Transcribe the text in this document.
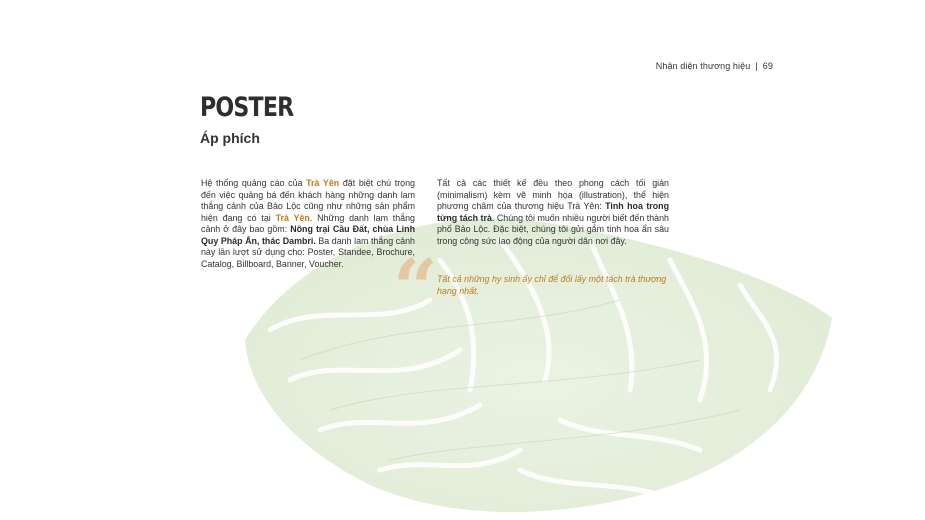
Nhận diện thương hiệu | 69
POSTER
Áp phích
Hệ thống quảng cáo của Trà Yên đặt biệt chú trọng đến việc quảng bá đến khách hàng những danh lam thắng cảnh của Bảo Lộc cũng như những sản phẩm hiện đang có tại Trà Yên. Những danh lam thắng cảnh ở đây bao gồm: Nông trại Cầu Đất, chùa Linh Quy Pháp Ấn, thác Dambri. Ba danh lam thắng cảnh này lần lượt sử dụng cho: Poster, Standee, Brochure, Catalog, Billboard, Banner, Voucher.
Tất cả các thiết kế đều theo phong cách tối giản (minimalism) kèm vẽ minh họa (illustration), thể hiện phương châm của thương hiệu Trà Yên: Tinh hoa trong từng tách trà. Chúng tôi muốn nhiều người biết đến thành phố Bảo Lộc. Đặc biệt, chúng tôi gửi gắm tinh hoa ẩn sâu trong công sức lao động của người dân nơi đây.
“ Tất cả những hy sinh ấy chỉ để đổi lấy một tách trà thượng hạng nhất.
